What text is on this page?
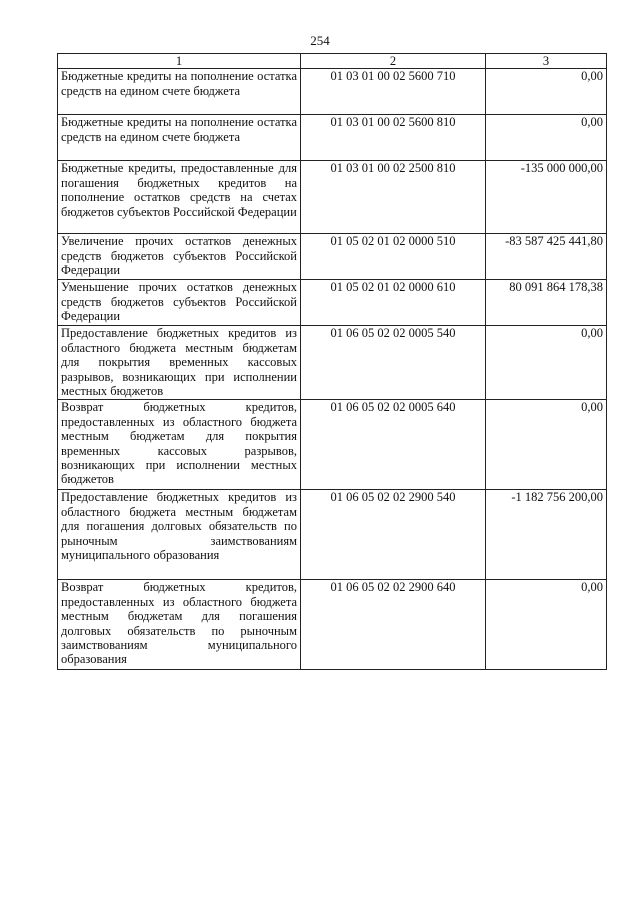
254
1	2	3
Бюджетные кредиты на пополнение остатка средств на едином счете бюджета	01 03 01 00 02 5600 710	0,00
Бюджетные кредиты на пополнение остатка средств на едином счете бюджета	01 03 01 00 02 5600 810	0,00
Бюджетные кредиты, предоставленные для погашения бюджетных кредитов на пополнение остатков средств на счетах бюджетов субъектов Российской Федерации	01 03 01 00 02 2500 810	-135 000 000,00
Увеличение прочих остатков денежных средств бюджетов субъектов Российской Федерации	01 05 02 01 02 0000 510	-83 587 425 441,80
Уменьшение прочих остатков денежных средств бюджетов субъектов Российской Федерации	01 05 02 01 02 0000 610	80 091 864 178,38
Предоставление бюджетных кредитов из областного бюджета местным бюджетам для покрытия временных кассовых разрывов, возникающих при исполнении местных бюджетов	01 06 05 02 02 0005 540	0,00
Возврат бюджетных кредитов, предоставленных из областного бюджета местным бюджетам для покрытия временных кассовых разрывов, возникающих при исполнении местных бюджетов	01 06 05 02 02 0005 640	0,00
Предоставление бюджетных кредитов из областного бюджета местным бюджетам для погашения долговых обязательств по рыночным заимствованиям муниципального образования	01 06 05 02 02 2900 540	-1 182 756 200,00
Возврат бюджетных кредитов, предоставленных из областного бюджета местным бюджетам для погашения долговых обязательств по рыночным заимствованиям муниципального образования	01 06 05 02 02 2900 640	0,00
